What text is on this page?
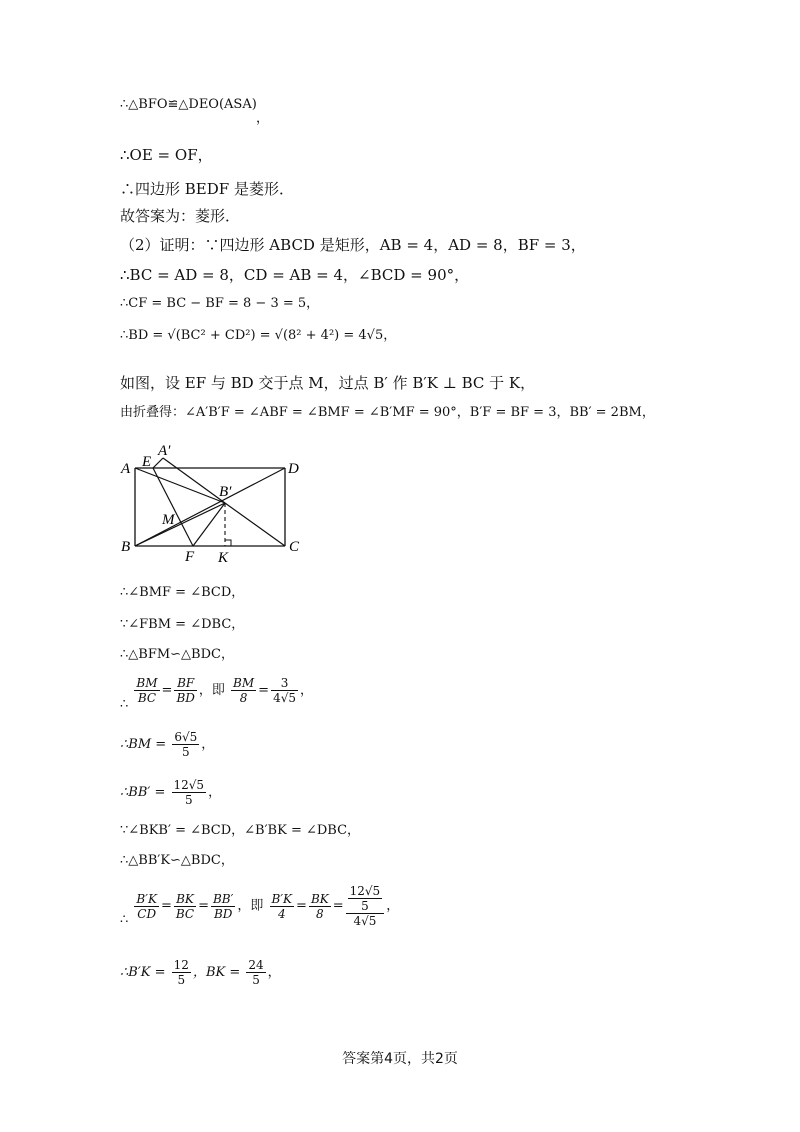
∴△BFO≌△DEO(ASA)
，
∴OE = OF，
∴四边形 BEDF 是菱形．
故答案为：菱形．
（2）证明：∵四边形 ABCD 是矩形，AB = 4，AD = 8，BF = 3，
∴BC = AD = 8，CD = AB = 4，∠BCD = 90°，
∴CF = BC − BF = 8 − 3 = 5，
∴BD = √(BC² + CD²) = √(8² + 4²) = 4√5，
如图，设 EF 与 BD 交于点 M，过点 B′ 作 B′K ⊥ BC 于 K，
由折叠得：∠A′B′F = ∠ABF = ∠BMF = ∠B′MF = 90°，B′F = BF = 3，BB′ = 2BM，
A
A′
E	D
B′
M
B
F K
C
∴∠BMF = ∠BCD，
∵∠FBM = ∠DBC，
∴△BFM∽△BDC，
∴ $\frac{BM}{BC} = \frac{BF}{BD}$ ，即 $\frac{BM}{8} = \frac{3}{4√5}$ ，
∴BM = $\frac{6√5}{5}$ ，
∴BB′ = $\frac{12√5}{5}$ ，
∵∠BKB′ = ∠BCD，∠B′BK = ∠DBC，
∴△BB′K∽△BDC，
∴ $\frac{B'K}{CD} = \frac{BK}{BC} = \frac{BB'}{BD}$ ，即 $\frac{B'K}{4} = \frac{BK}{8} = \frac{\frac{12√5}{5}}{4√5}$ ，
∴B′K = $\frac{12}{5}$ ，BK = $\frac{24}{5}$ ，
答案第4页，共2页
